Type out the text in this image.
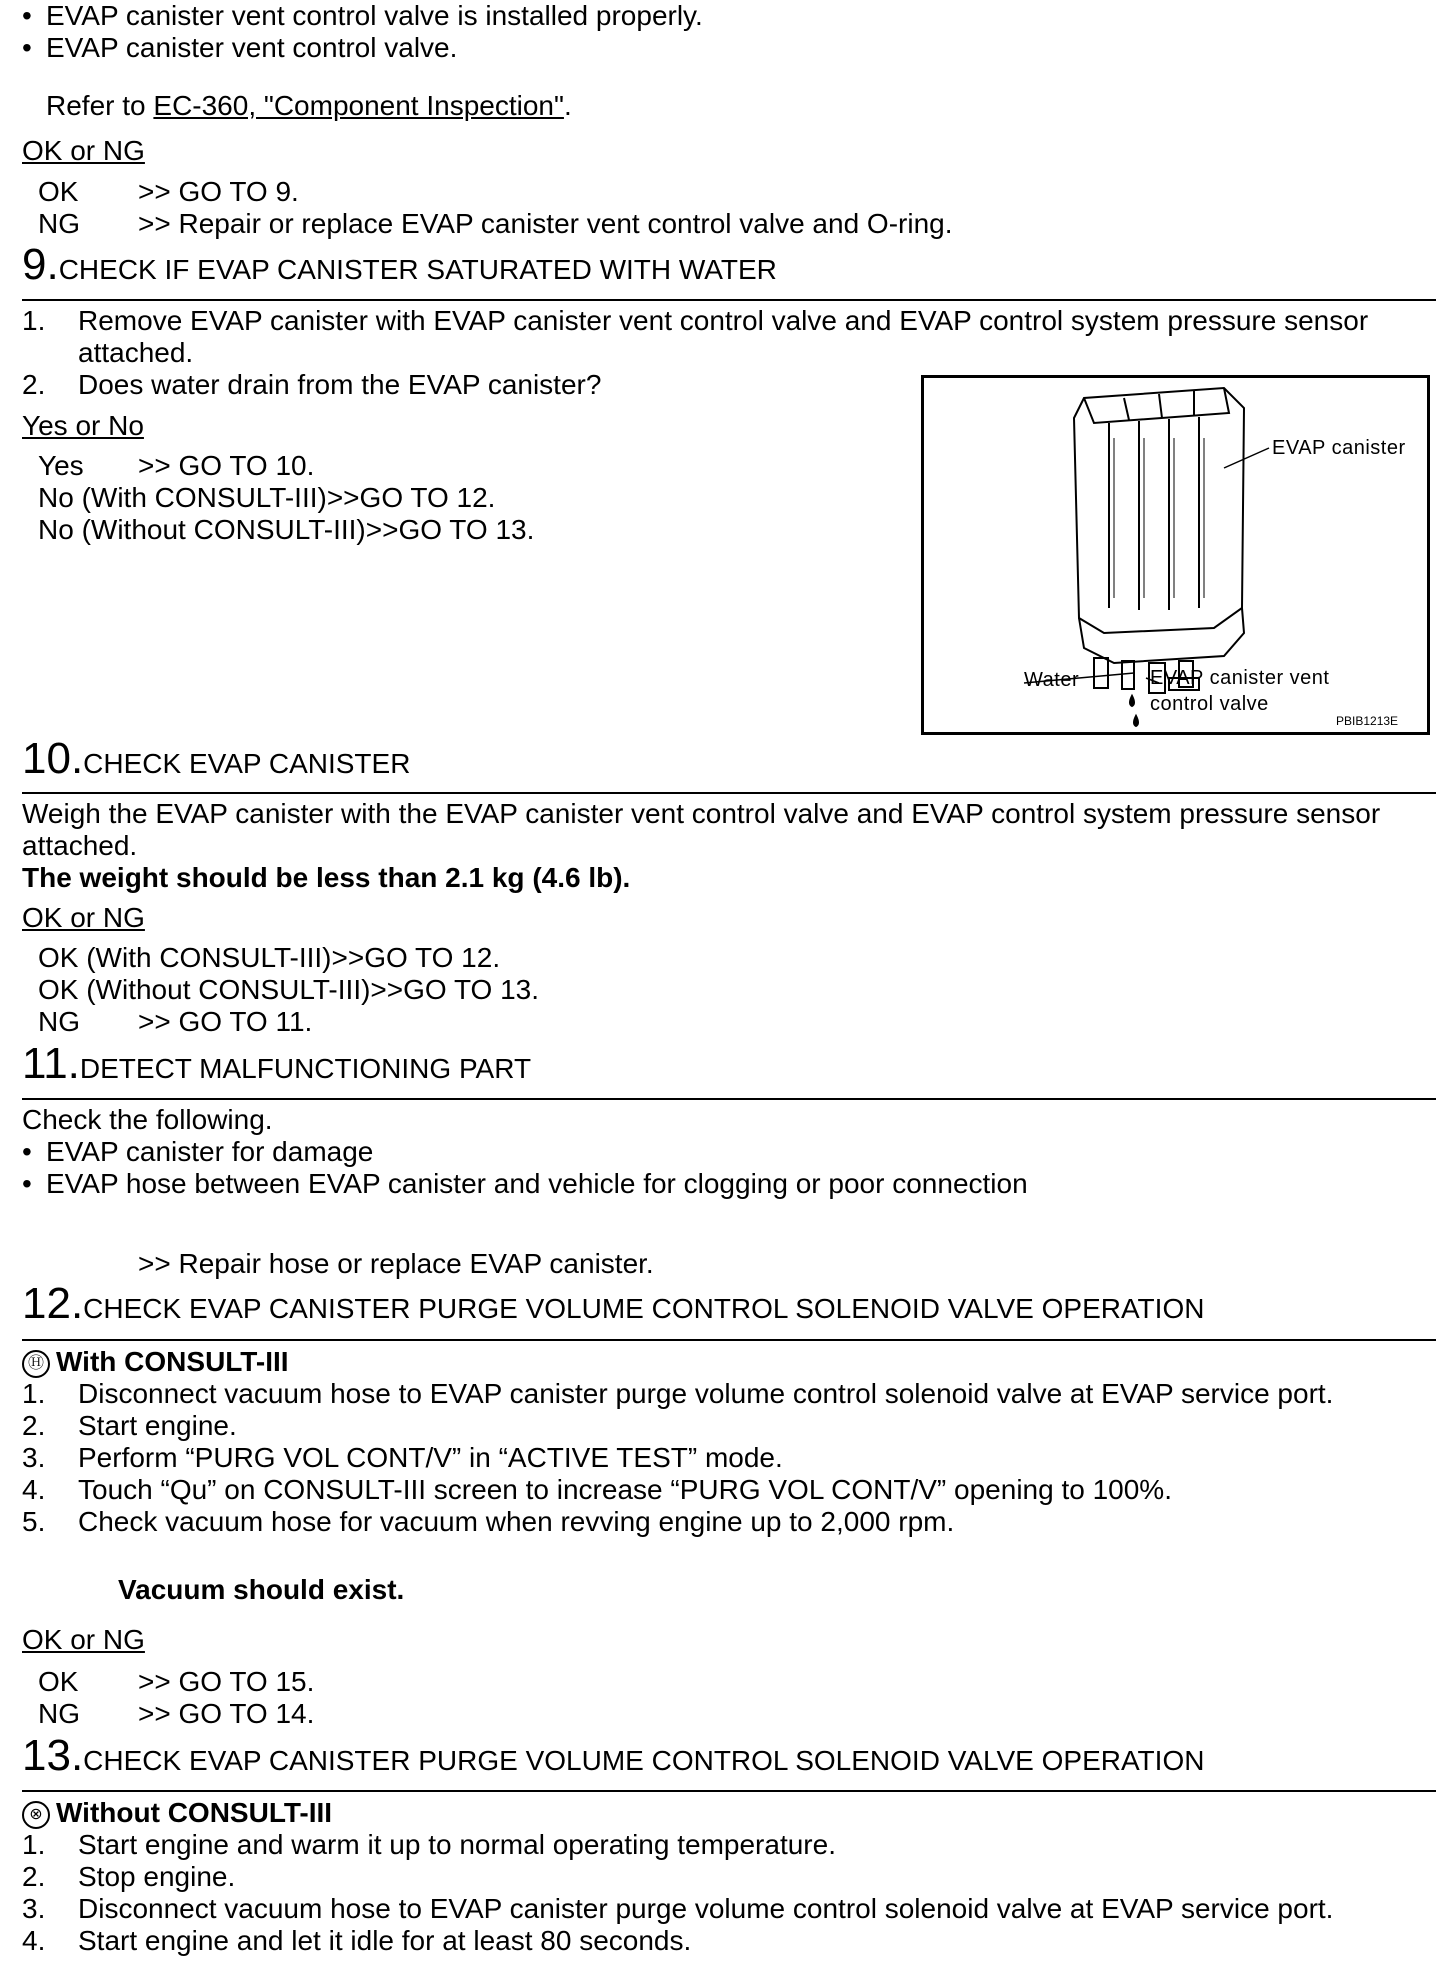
• EVAP canister vent control valve is installed properly.
• EVAP canister vent control valve.
Refer to EC-360, "Component Inspection".
OK or NG
OK >> GO TO 9.
NG >> Repair or replace EVAP canister vent control valve and O-ring.
9.CHECK IF EVAP CANISTER SATURATED WITH WATER
1. Remove EVAP canister with EVAP canister vent control valve and EVAP control system pressure sensor
attached.
2. Does water drain from the EVAP canister?
Yes or No
Yes >> GO TO 10.
No (With CONSULT-III)>>GO TO 12.
No (Without CONSULT-III)>>GO TO 13.
EVAP canister
Water	EVAP canister vent
control valve
PBIB1213E
10.CHECK EVAP CANISTER
Weigh the EVAP canister with the EVAP canister vent control valve and EVAP control system pressure sensor
attached.
The weight should be less than 2.1 kg (4.6 lb).
OK or NG
OK (With CONSULT-III)>>GO TO 12.
OK (Without CONSULT-III)>>GO TO 13.
NG >> GO TO 11.
11.DETECT MALFUNCTIONING PART
Check the following.
• EVAP canister for damage
• EVAP hose between EVAP canister and vehicle for clogging or poor connection
>> Repair hose or replace EVAP canister.
12.CHECK EVAP CANISTER PURGE VOLUME CONTROL SOLENOID VALVE OPERATION
Ⓗ With CONSULT-III
1. Disconnect vacuum hose to EVAP canister purge volume control solenoid valve at EVAP service port.
2. Start engine.
3. Perform “PURG VOL CONT/V” in “ACTIVE TEST” mode.
4. Touch “Qu” on CONSULT-III screen to increase “PURG VOL CONT/V” opening to 100%.
5. Check vacuum hose for vacuum when revving engine up to 2,000 rpm.
Vacuum should exist.
OK or NG
OK >> GO TO 15.
NG >> GO TO 14.
13.CHECK EVAP CANISTER PURGE VOLUME CONTROL SOLENOID VALVE OPERATION
⊗ Without CONSULT-III
1. Start engine and warm it up to normal operating temperature.
2. Stop engine.
3. Disconnect vacuum hose to EVAP canister purge volume control solenoid valve at EVAP service port.
4. Start engine and let it idle for at least 80 seconds.
